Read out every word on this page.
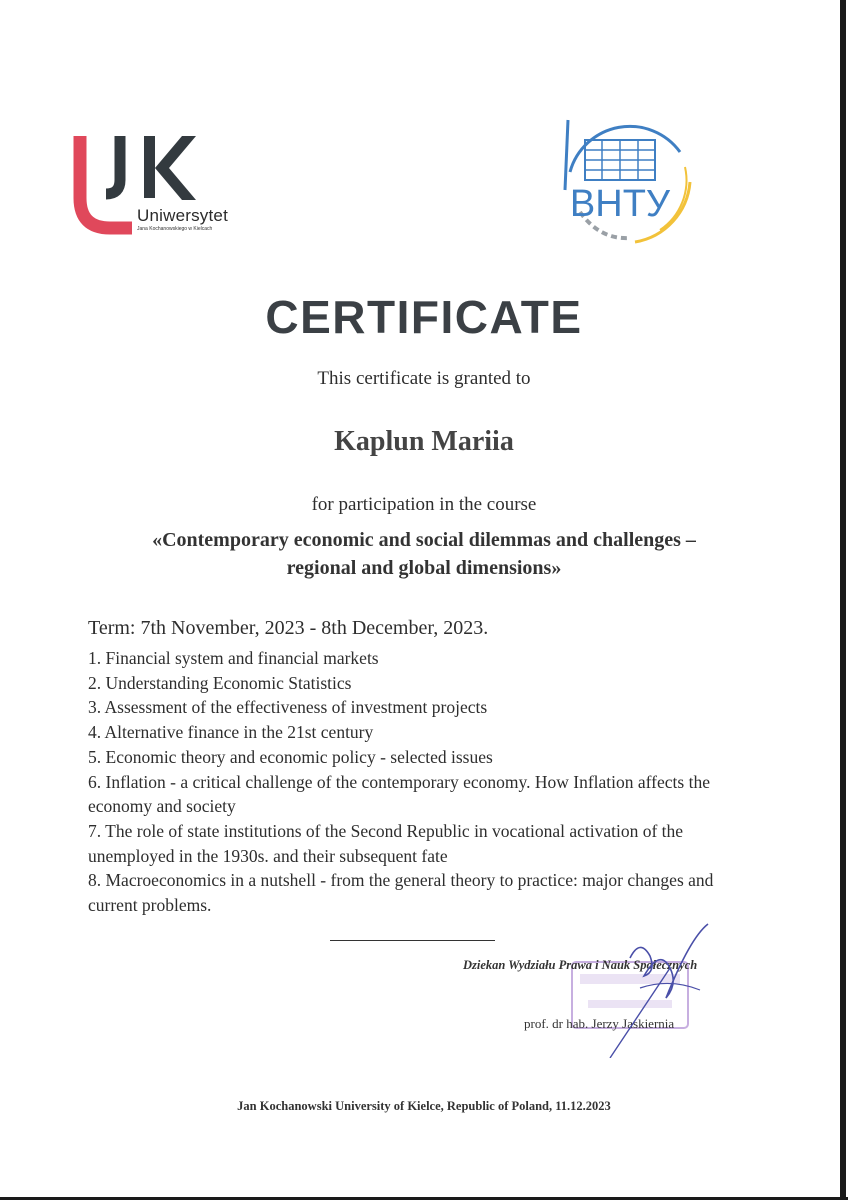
Uniwersytet
Jana Kochanowskiego w Kielcach
ВНТУ
CERTIFICATE
This certificate is granted to
Kaplun Mariia
for participation in the course
«Contemporary economic and social dilemmas and challenges –
regional and global dimensions»
Term: 7th November, 2023 - 8th December, 2023.
1. Financial system and financial markets
2. Understanding Economic Statistics
3. Assessment of the effectiveness of investment projects
4. Alternative finance in the 21st century
5. Economic theory and economic policy - selected issues
6. Inflation - a critical challenge of the contemporary economy. How Inflation affects the economy and society
7. The role of state institutions of the Second Republic in vocational activation of the unemployed in the 1930s. and their subsequent fate
8. Macroeconomics in a nutshell - from the general theory to practice: major changes and current problems.
Dziekan Wydziału Prawa i Nauk Społecznych
prof. dr hab. Jerzy Jaskiernia
Jan Kochanowski University of Kielce, Republic of Poland, 11.12.2023
